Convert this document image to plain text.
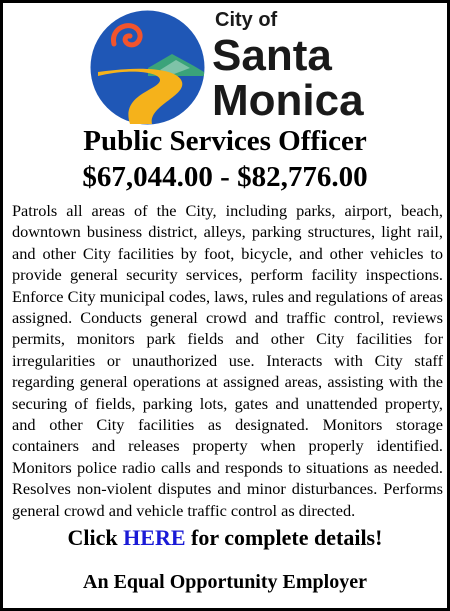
City of
Santa
Monica
Public Services Officer
$67,044.00 - $82,776.00
Patrols all areas of the City, including parks, airport, beach, downtown business district, alleys, parking structures, light rail, and other City facilities by foot, bicycle, and other vehicles to provide general security services, perform facility inspections. Enforce City municipal codes, laws, rules and regulations of areas assigned. Conducts general crowd and traffic control, reviews permits, monitors park fields and other City facilities for irregularities or unauthorized use. Interacts with City staff regarding general operations at assigned areas, assisting with the securing of fields, parking lots, gates and unattended property, and other City facilities as designated. Monitors storage containers and releases property when properly identified. Monitors police radio calls and responds to situations as needed. Resolves non-violent disputes and minor disturbances. Performs general crowd and vehicle traffic control as directed.
Click HERE for complete details!
An Equal Opportunity Employer
